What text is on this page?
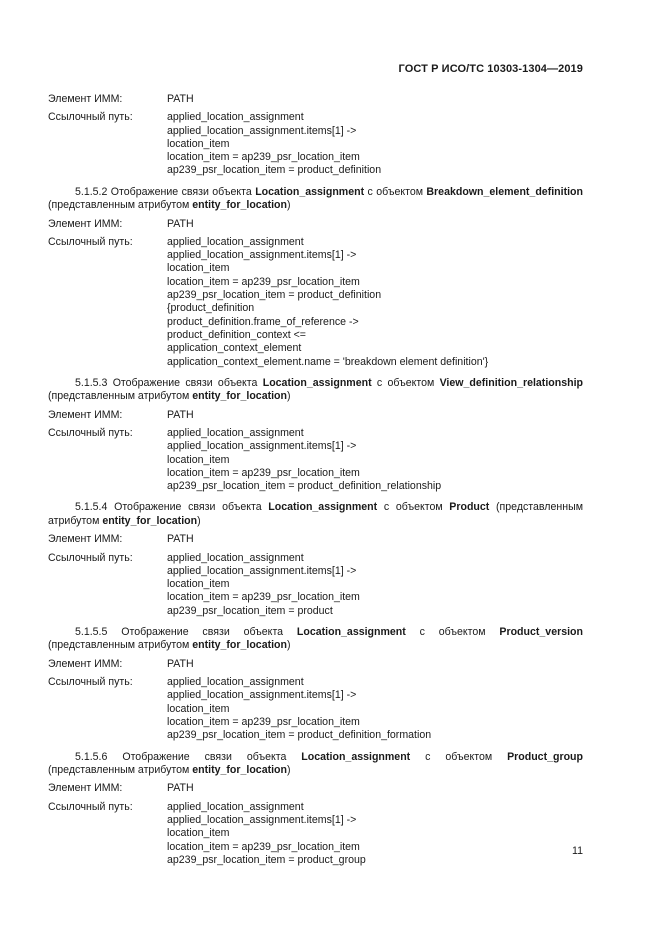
ГОСТ Р ИСО/ТС 10303-1304—2019
Элемент ИММ:	PATH
Ссылочный путь:	applied_location_assignment
applied_location_assignment.items[1] ->
location_item
location_item = ap239_psr_location_item
ap239_psr_location_item = product_definition
5.1.5.2 Отображение связи объекта Location_assignment с объектом Breakdown_element_definition (представленным атрибутом entity_for_location)
Элемент ИММ:	PATH
Ссылочный путь:	applied_location_assignment
applied_location_assignment.items[1] ->
location_item
location_item = ap239_psr_location_item
ap239_psr_location_item = product_definition
{product_definition
product_definition.frame_of_reference ->
product_definition_context <=
application_context_element
application_context_element.name = 'breakdown element definition'}
5.1.5.3 Отображение связи объекта Location_assignment с объектом View_definition_relationship (представленным атрибутом entity_for_location)
Элемент ИММ:	PATH
Ссылочный путь:	applied_location_assignment
applied_location_assignment.items[1] ->
location_item
location_item = ap239_psr_location_item
ap239_psr_location_item = product_definition_relationship
5.1.5.4 Отображение связи объекта Location_assignment с объектом Product (представленным атрибутом entity_for_location)
Элемент ИММ:	PATH
Ссылочный путь:	applied_location_assignment
applied_location_assignment.items[1] ->
location_item
location_item = ap239_psr_location_item
ap239_psr_location_item = product
5.1.5.5 Отображение связи объекта Location_assignment с объектом Product_version (представленным атрибутом entity_for_location)
Элемент ИММ:	PATH
Ссылочный путь:	applied_location_assignment
applied_location_assignment.items[1] ->
location_item
location_item = ap239_psr_location_item
ap239_psr_location_item = product_definition_formation
5.1.5.6 Отображение связи объекта Location_assignment с объектом Product_group (представленным атрибутом entity_for_location)
Элемент ИММ:	PATH
Ссылочный путь:	applied_location_assignment
applied_location_assignment.items[1] ->
location_item
location_item = ap239_psr_location_item
ap239_psr_location_item = product_group
11
